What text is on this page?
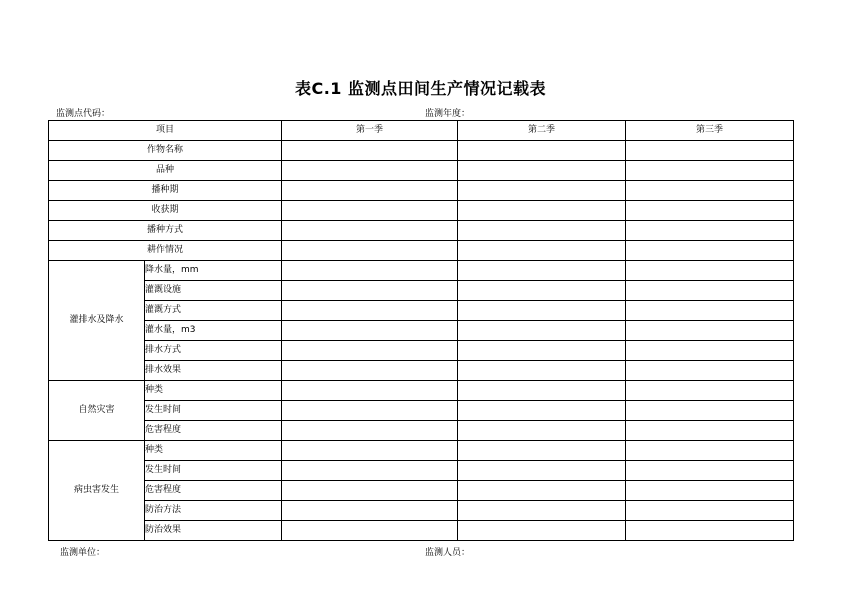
表C.1 监测点田间生产情况记载表
监测点代码：	监测年度：
项目		第一季	第二季	第三季
作物名称				
品种				
播种期				
收获期				
播种方式				
耕作情况				
灌排水及降水	降水量，mm			
	灌溉设施			
	灌溉方式			
	灌水量，m3			
	排水方式			
	排水效果			
自然灾害	种类			
	发生时间			
	危害程度			
病虫害发生	种类			
	发生时间			
	危害程度			
	防治方法			
	防治效果			
监测单位：	监测人员：
